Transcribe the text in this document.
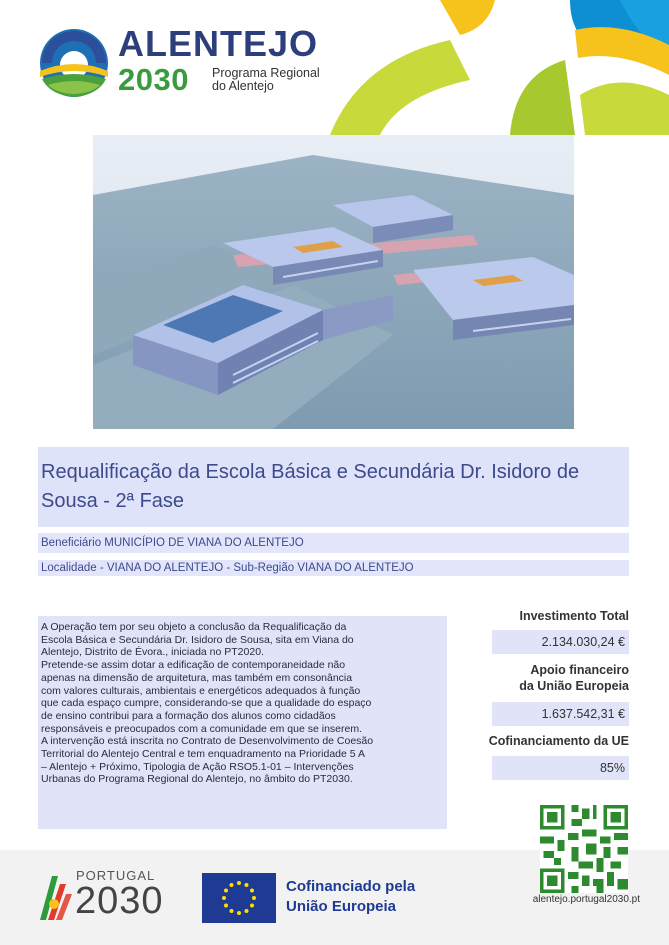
ALENTEJO
2030 Programa Regional
do Alentejo
Requalificação da Escola Básica e Secundária Dr. Isidoro de Sousa - 2ª Fase
Beneficiário MUNICÍPIO DE VIANA DO ALENTEJO
Localidade - VIANA DO ALENTEJO - Sub-Região VIANA DO ALENTEJO

A Operação tem por seu objeto a conclusão da Requalificação da

Escola Básica e Secundária Dr. Isidoro de Sousa, sita em Viana do

Alentejo, Distrito de Évora., iniciada no PT2020.

Pretende-se assim dotar a edificação de contemporaneidade não

apenas na dimensão de arquitetura, mas também em consonância

com valores culturais, ambientais e energéticos adequados à função

que cada espaço cumpre, considerando-se que a qualidade do espaço

de ensino contribui para a formação dos alunos como cidadãos

responsáveis e preocupados com a comunidade em que se inserem.

A intervenção está inscrita no Contrato de Desenvolvimento de Coesão

Territorial do Alentejo Central e tem enquadramento na Prioridade 5 A

– Alentejo + Próximo, Tipologia de Ação RSO5.1-01 – Intervenções

Urbanas do Programa Regional do Alentejo, no âmbito do PT2030.

Investimento Total
2.134.030,24 €
Apoio financeiro
da União Europeia
1.637.542,31 €
Cofinanciamento da UE
85%
alentejo.portugal2030.pt
PORTUGAL
2030	Cofinanciado pela
União Europeia
